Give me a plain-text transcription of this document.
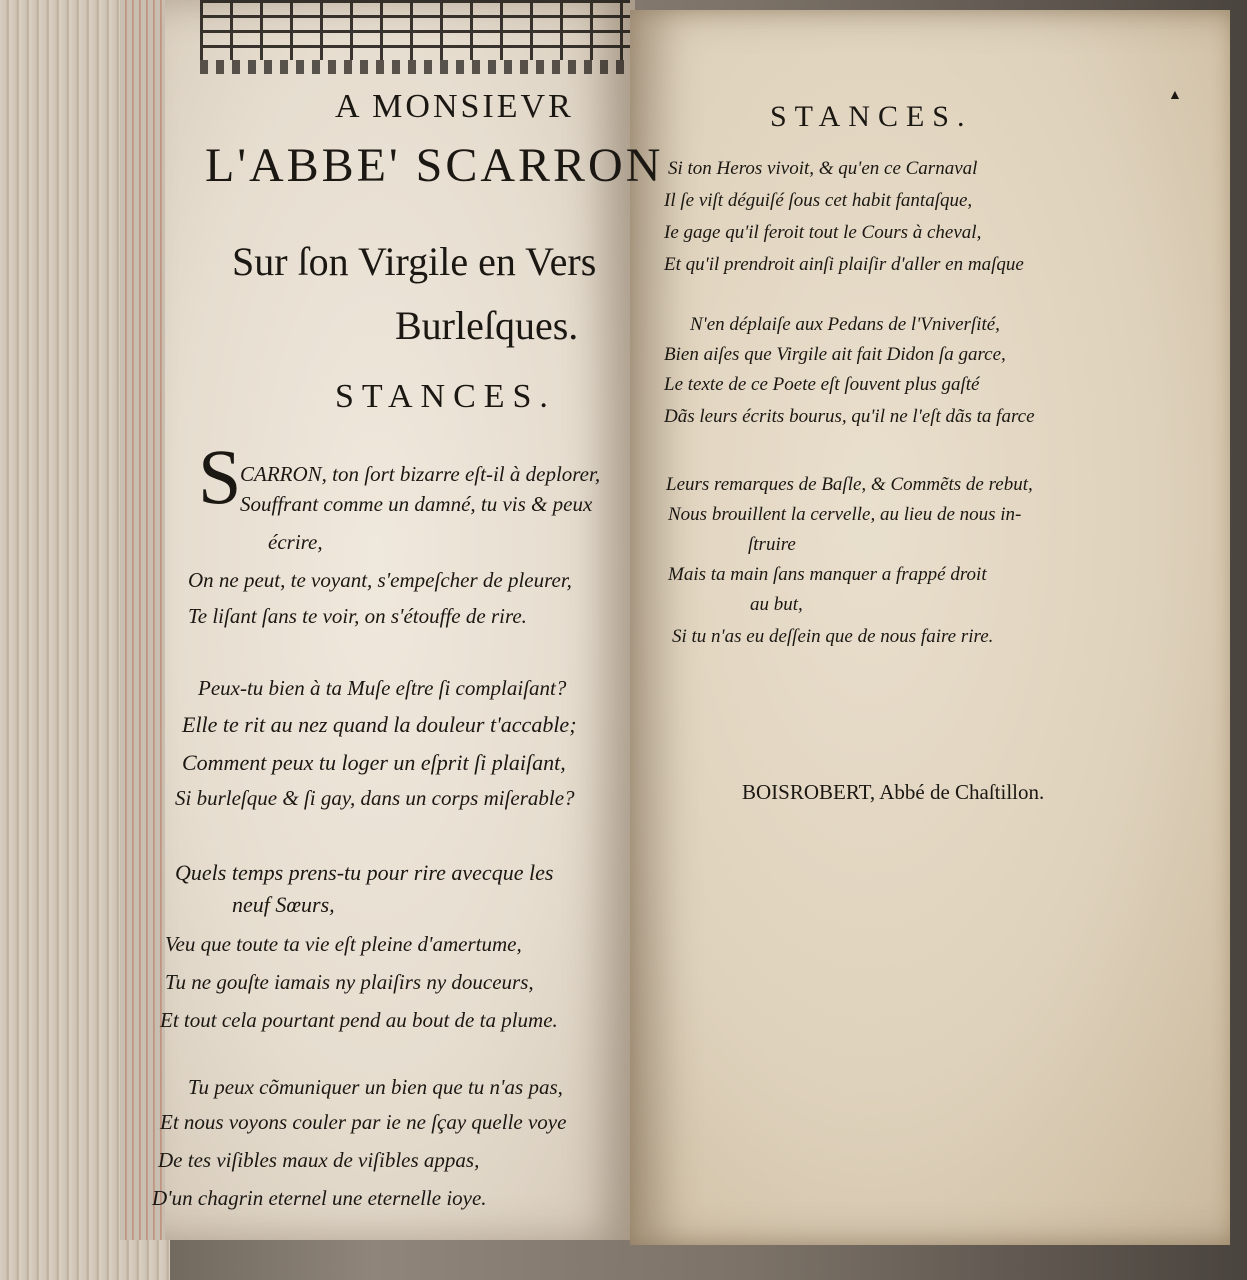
A MONSIEVR
L'ABBE' SCARRON
Sur ſon Virgile en Vers
Burleſques.
STANCES.
S
CARRON, ton ſort bizarre eſt-il à deplorer,
Souffrant comme un damné, tu vis & peux
écrire,
On ne peut, te voyant, s'empeſcher de pleurer,
Te liſant ſans te voir, on s'étouffe de rire.
Peux-tu bien à ta Muſe eſtre ſi complaiſant?
Elle te rit au nez quand la douleur t'accable;
Comment peux tu loger un eſprit ſi plaiſant,
Si burleſque & ſi gay, dans un corps miſerable?
Quels temps prens-tu pour rire avecque les
neuf Sœurs,
Veu que toute ta vie eſt pleine d'amertume,
Tu ne gouſte iamais ny plaiſirs ny douceurs,
Et tout cela pourtant pend au bout de ta plume.
Tu peux cõmuniquer un bien que tu n'as pas,
Et nous voyons couler par ie ne ſçay quelle voye
De tes viſibles maux de viſibles appas,
D'un chagrin eternel une eternelle ioye.
▲
STANCES.
Si ton Heros vivoit, & qu'en ce Carnaval
Il ſe viſt déguiſé ſous cet habit fantaſque,
Ie gage qu'il feroit tout le Cours à cheval,
Et qu'il prendroit ainſi plaiſir d'aller en maſque
N'en déplaiſe aux Pedans de l'Vniverſité,
Bien aiſes que Virgile ait fait Didon ſa garce,
Le texte de ce Poete eſt ſouvent plus gaſté
Dãs leurs écrits bourus, qu'il ne l'eſt dãs ta farce
Leurs remarques de Baſle, & Commẽts de rebut,
Nous brouillent la cervelle, au lieu de nous in-
ſtruire
Mais ta main ſans manquer a frappé droit
au but,
Si tu n'as eu deſſein que de nous faire rire.
BOISROBERT, Abbé de Chaſtillon.
